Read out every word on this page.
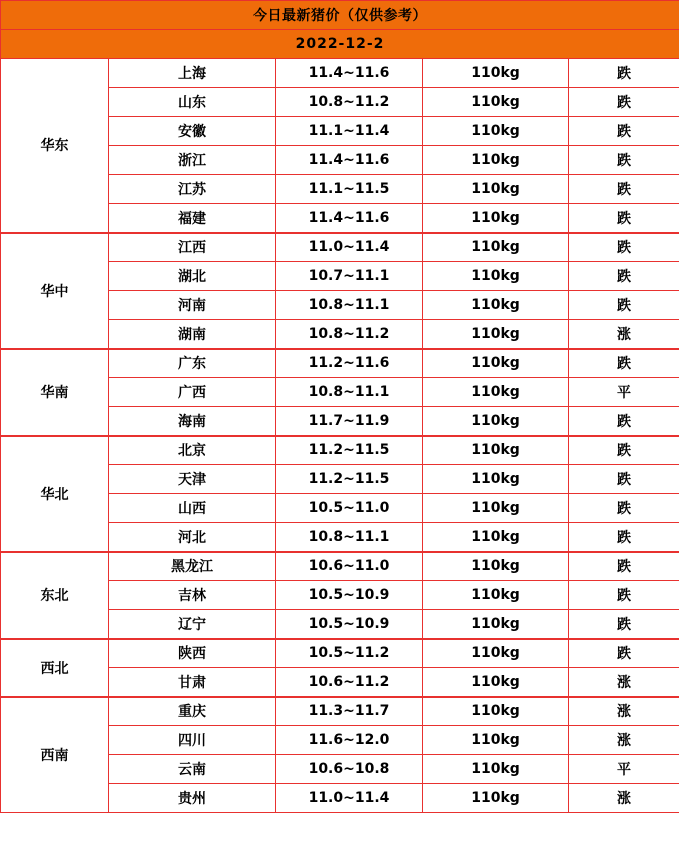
今日最新猪价（仅供参考）				
2022-12-2				
华东	上海	11.4~11.6	110kg	跌
	山东	10.8~11.2	110kg	跌
	安徽	11.1~11.4	110kg	跌
	浙江	11.4~11.6	110kg	跌
	江苏	11.1~11.5	110kg	跌
	福建	11.4~11.6	110kg	跌
华中	江西	11.0~11.4	110kg	跌
	湖北	10.7~11.1	110kg	跌
	河南	10.8~11.1	110kg	跌
	湖南	10.8~11.2	110kg	涨
华南	广东	11.2~11.6	110kg	跌
	广西	10.8~11.1	110kg	平
	海南	11.7~11.9	110kg	跌
华北	北京	11.2~11.5	110kg	跌
	天津	11.2~11.5	110kg	跌
	山西	10.5~11.0	110kg	跌
	河北	10.8~11.1	110kg	跌
东北	黑龙江	10.6~11.0	110kg	跌
	吉林	10.5~10.9	110kg	跌
	辽宁	10.5~10.9	110kg	跌
西北	陕西	10.5~11.2	110kg	跌
	甘肃	10.6~11.2	110kg	涨
西南	重庆	11.3~11.7	110kg	涨
	四川	11.6~12.0	110kg	涨
	云南	10.6~10.8	110kg	平
	贵州	11.0~11.4	110kg	涨
